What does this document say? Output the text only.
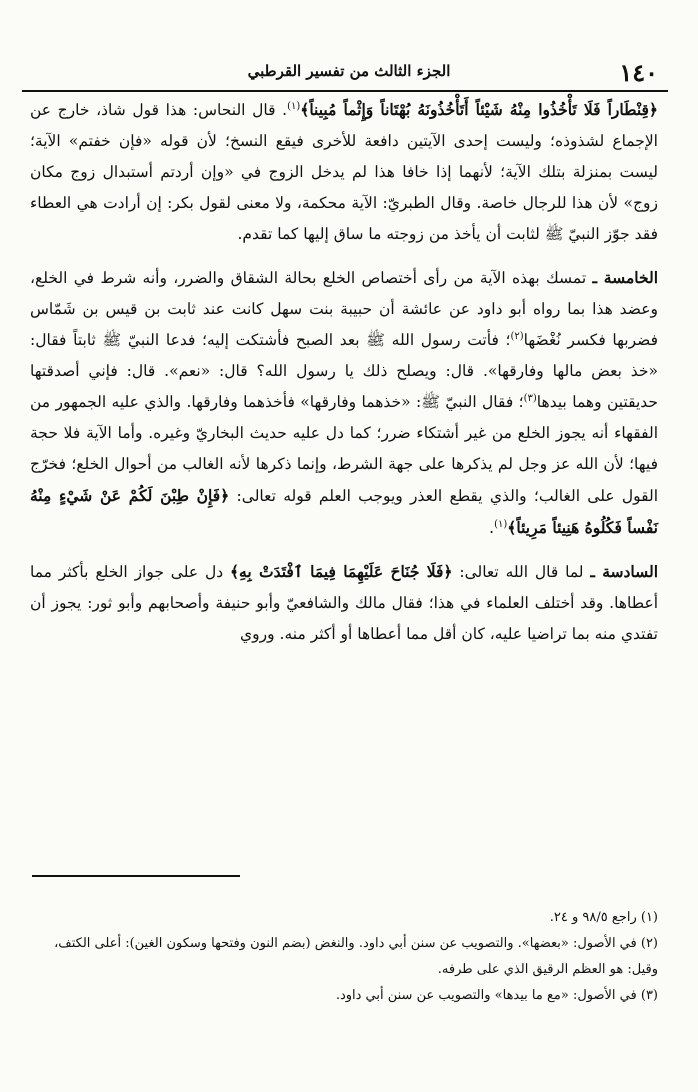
١٤٠
الجزء الثالث من تفسير القرطبي

﴿قِنْطَاراً فَلَا تَأْخُذُوا مِنْهُ شَيْئاً أَتَأْخُذُونَهُ بُهْتَاناً وَإِثْماً مُبِيناً﴾$^{(١)}$. قال النحاس: هذا قول شاذ، خارج عن الإجماع لشذوذه؛ وليست إحدى الآيتين دافعة للأخرى فيقع النسخ؛ لأن قوله «فإن خفتم» الآية؛ ليست بمنزلة بتلك الآية؛ لأنهما إذا خافا هذا لم يدخل الزوج في «وإن أردتم أستبدال زوج مكان زوج» لأن هذا للرجال خاصة. وقال الطبريّ: الآية محكمة، ولا معنى لقول بكر: إن أرادت هي العطاء فقد جوّز النبيّ ﷺ لثابت أن يأخذ من زوجته ما ساق إليها كما تقدم.

الخامسة ـ تمسك بهذه الآية من رأى أختصاص الخلع بحالة الشقاق والضرر، وأنه شرط في الخلع، وعضد هذا بما رواه أبو داود عن عائشة أن حبيبة بنت سهل كانت عند ثابت بن قيس بن شَمّاس فضربها فكسر نُغْضَها$^{(٢)}$؛ فأتت رسول الله ﷺ بعد الصبح فأشتكت إليه؛ فدعا النبيّ ﷺ ثابتاً فقال: «خذ بعض مالها وفارقها». قال: ويصلح ذلك يا رسول الله؟ قال: «نعم». قال: فإني أصدقتها حديقتين وهما بيدها$^{(٣)}$؛ فقال النبيّ ﷺ: «خذهما وفارقها» فأخذهما وفارقها. والذي عليه الجمهور من الفقهاء أنه يجوز الخلع من غير أشتكاء ضرر؛ كما دل عليه حديث البخاريّ وغيره. وأما الآية فلا حجة فيها؛ لأن الله عز وجل لم يذكرها على جهة الشرط، وإنما ذكرها لأنه الغالب من أحوال الخلع؛ فخرّج القول على الغالب؛ والذي يقطع العذر ويوجب العلم قوله تعالى: ﴿فَإِنْ طِبْنَ لَكُمْ عَنْ شَيْءٍ مِنْهُ نَفْساً فَكُلُوهُ هَنِيئاً مَرِيئاً﴾$^{(١)}$.

السادسة ـ لما قال الله تعالى: ﴿فَلَا جُنَاحَ عَلَيْهِمَا فِيمَا ٱفْتَدَتْ بِهِ﴾ دل على جواز الخلع بأكثر مما أعطاها. وقد أختلف العلماء في هذا؛ فقال مالك والشافعيّ وأبو حنيفة وأصحابهم وأبو ثور: يجوز أن تفتدي منه بما تراضيا عليه، كان أقل مما أعطاها أو أكثر منه. وروي

(١) راجع ٩٨/٥ و ٢٤.
(٢) في الأصول: «بعضها». والتصويب عن سنن أبي داود. والنغض (بضم النون وفتحها وسكون الغين): أعلى الكتف، وقيل: هو العظم الرقيق الذي على طرفه.
(٣) في الأصول: «مع ما بيدها» والتصويب عن سنن أبي داود.
